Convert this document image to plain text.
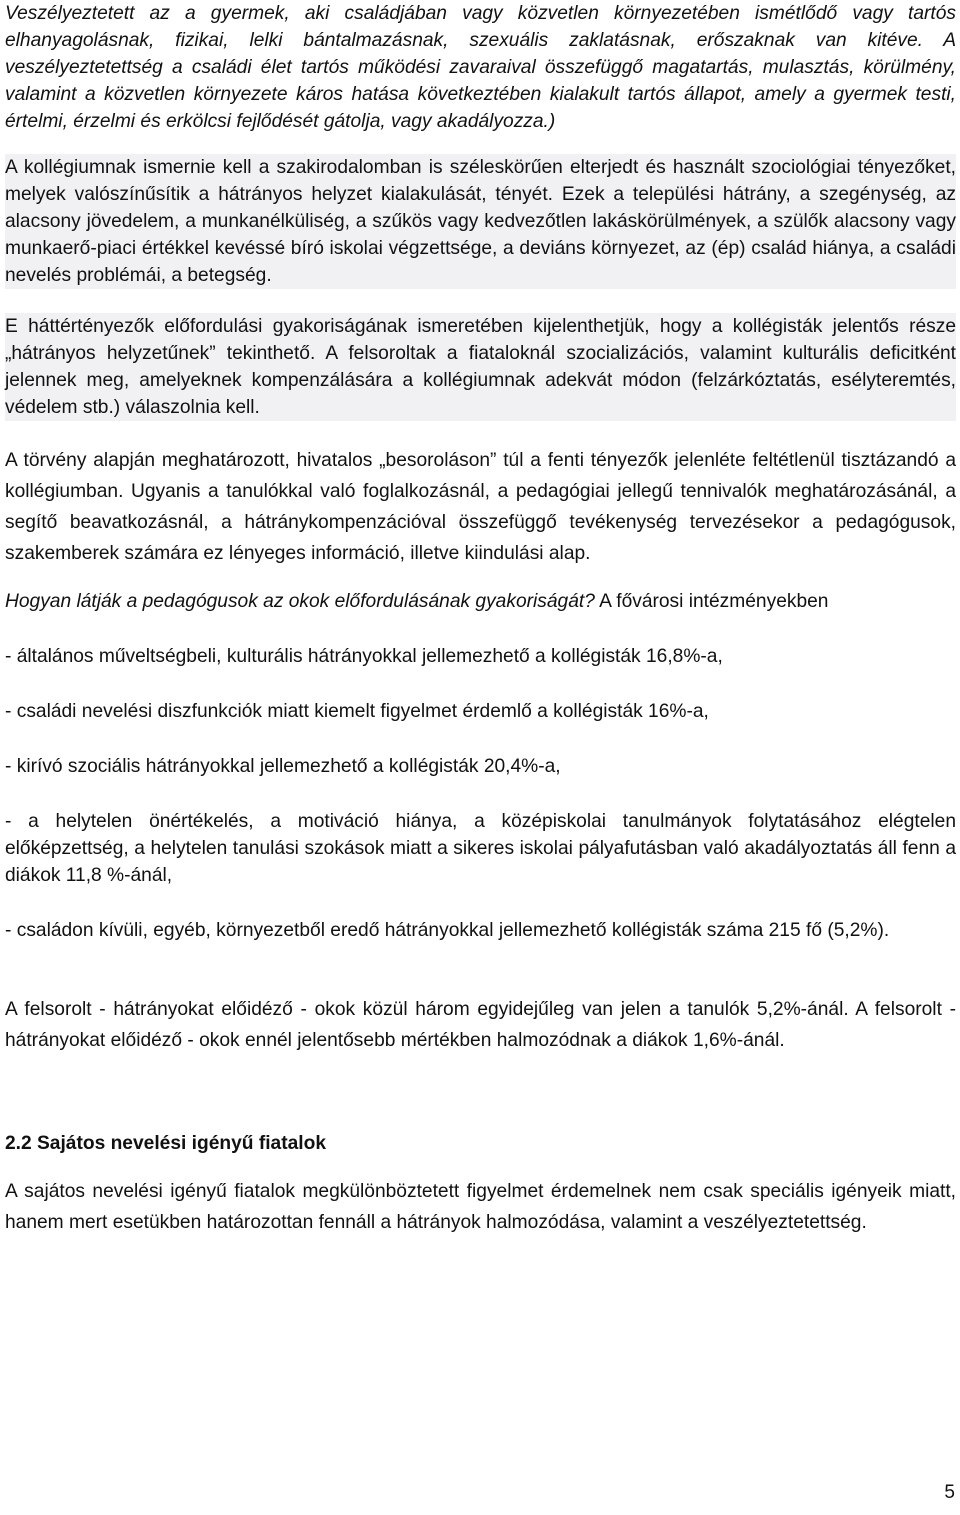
Veszélyeztetett az a gyermek, aki családjában vagy közvetlen környezetében ismétlődő vagy tartós elhanyagolásnak, fizikai, lelki bántalmazásnak, szexuális zaklatásnak, erőszaknak van kitéve. A veszélyeztetettség a családi élet tartós működési zavaraival összefüggő magatartás, mulasztás, körülmény, valamint a közvetlen környezete káros hatása következtében kialakult tartós állapot, amely a gyermek testi, értelmi, érzelmi és erkölcsi fejlődését gátolja, vagy akadályozza.)

A kollégiumnak ismernie kell a szakirodalomban is széleskörűen elterjedt és használt szociológiai tényezőket, melyek valószínűsítik a hátrányos helyzet kialakulását, tényét. Ezek a települési hátrány, a szegénység, az alacsony jövedelem, a munkanélküliség, a szűkös vagy kedvezőtlen lakáskörülmények, a szülők alacsony vagy munkaerő-piaci értékkel kevéssé bíró iskolai végzettsége, a deviáns környezet, az (ép) család hiánya, a családi nevelés problémái, a betegség.

E háttértényezők előfordulási gyakoriságának ismeretében kijelenthetjük, hogy a kollégisták jelentős része „hátrányos helyzetűnek” tekinthető. A felsoroltak a fiataloknál szocializációs, valamint kulturális deficitként jelennek meg, amelyeknek kompenzálására a kollégiumnak adekvát módon (felzárkóztatás, esélyteremtés, védelem stb.) válaszolnia kell.

A törvény alapján meghatározott, hivatalos „besoroláson” túl a fenti tényezők jelenléte feltétlenül tisztázandó a kollégiumban. Ugyanis a tanulókkal való foglalkozásnál, a pedagógiai jellegű tennivalók meghatározásánál, a segítő beavatkozásnál, a hátránykompenzációval összefüggő tevékenység tervezésekor a pedagógusok, szakemberek számára ez lényeges információ, illetve kiindulási alap.

Hogyan látják a pedagógusok az okok előfordulásának gyakoriságát? A fővárosi intézményekben

- általános műveltségbeli, kulturális hátrányokkal jellemezhető a kollégisták 16,8%-a,

- családi nevelési diszfunkciók miatt kiemelt figyelmet érdemlő a kollégisták 16%-a,

- kirívó szociális hátrányokkal jellemezhető a kollégisták 20,4%-a,

- a helytelen önértékelés, a motiváció hiánya, a középiskolai tanulmányok folytatásához elégtelen előképzettség, a helytelen tanulási szokások miatt a sikeres iskolai pályafutásban való akadályoztatás áll fenn a diákok 11,8 %-ánál,

- családon kívüli, egyéb, környezetből eredő hátrányokkal jellemezhető kollégisták száma 215 fő (5,2%).

A felsorolt - hátrányokat előidéző - okok közül három egyidejűleg van jelen a tanulók 5,2%-ánál. A felsorolt - hátrányokat előidéző - okok ennél jelentősebb mértékben halmozódnak a diákok 1,6%-ánál.

2.2 Sajátos nevelési igényű fiatalok

A sajátos nevelési igényű fiatalok megkülönböztetett figyelmet érdemelnek nem csak speciális igényeik miatt, hanem mert esetükben határozottan fennáll a hátrányok halmozódása, valamint a veszélyeztetettség.

5
